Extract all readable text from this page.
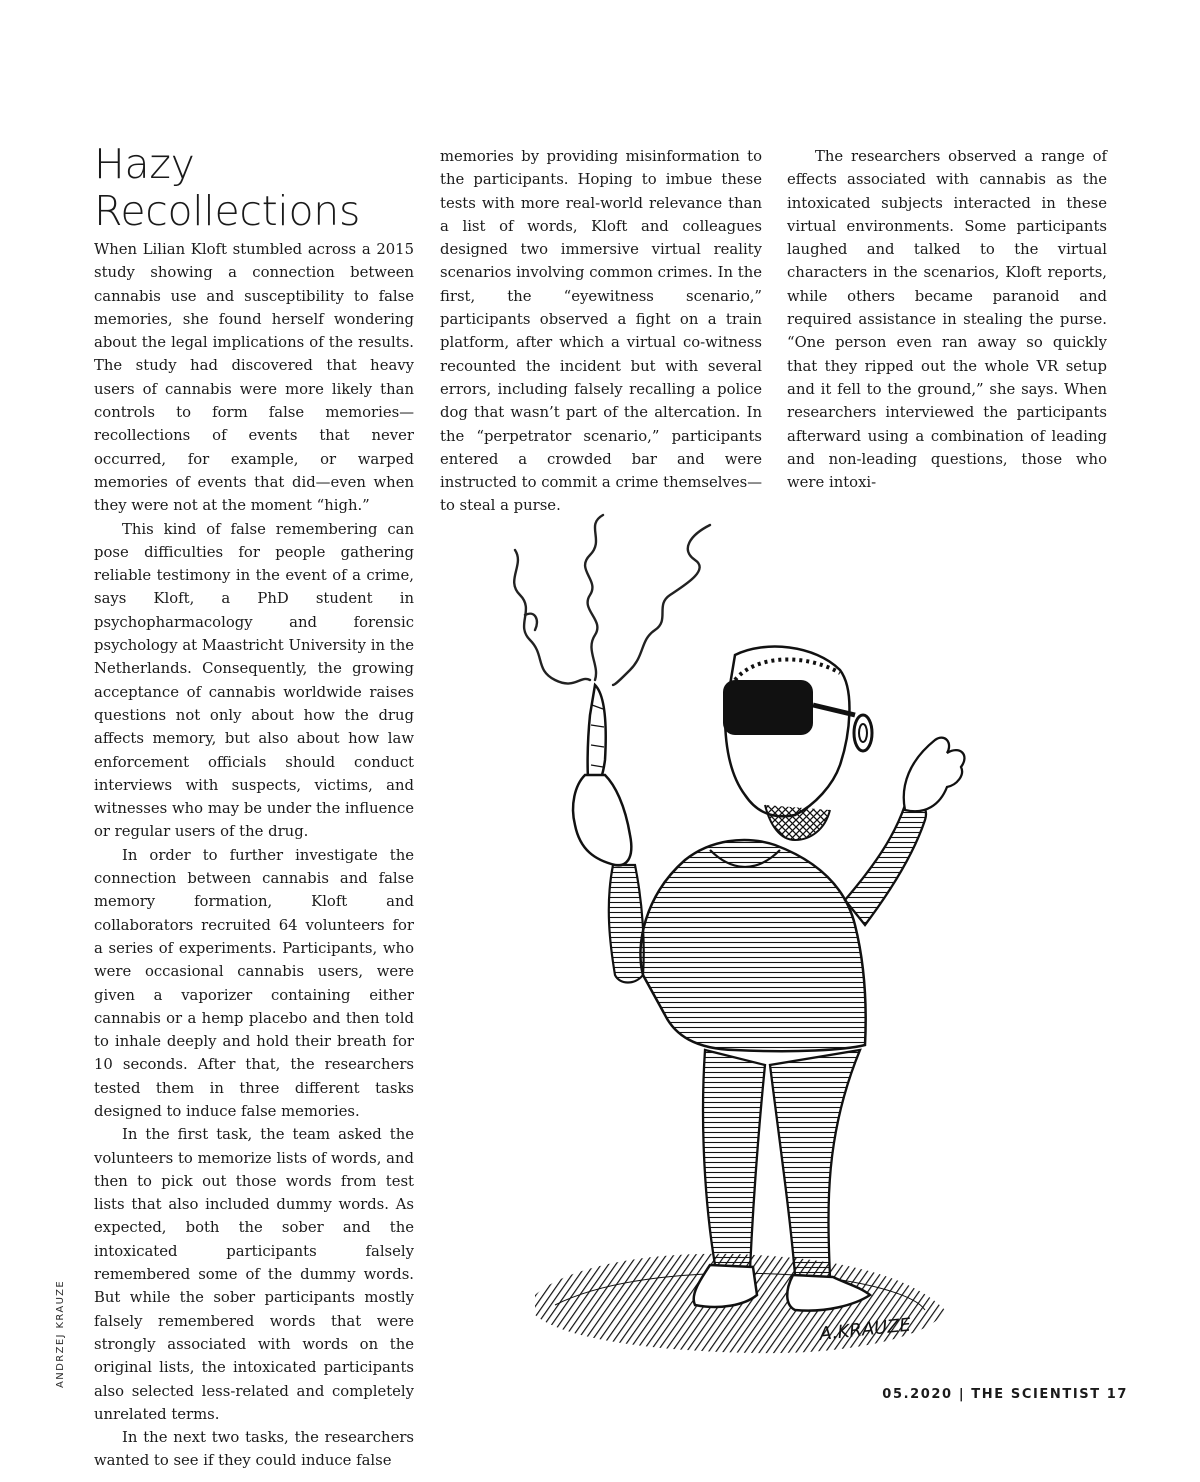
Hazy
Recollections

When Lilian Kloft stumbled across a 2015 study showing a connection between cannabis use and susceptibility to false memories, she found herself wondering about the legal implications of the results. The study had discovered that heavy users of cannabis were more likely than controls to form false memories—recollections of events that never occurred, for example, or warped memories of events that did—even when they were not at the moment “high.”

This kind of false remembering can pose difficulties for people gathering reliable testimony in the event of a crime, says Kloft, a PhD student in psychopharmacology and forensic psychology at Maastricht University in the Netherlands. Consequently, the growing acceptance of cannabis worldwide raises questions not only about how the drug affects memory, but also about how law enforcement officials should conduct interviews with suspects, victims, and witnesses who may be under the influence or regular users of the drug.

In order to further investigate the connection between cannabis and false memory formation, Kloft and collaborators recruited 64 volunteers for a series of experiments. Participants, who were occasional cannabis users, were given a vaporizer containing either cannabis or a hemp placebo and then told to inhale deeply and hold their breath for 10 seconds. After that, the researchers tested them in three different tasks designed to induce false memories.

In the first task, the team asked the volunteers to memorize lists of words, and then to pick out those words from test lists that also included dummy words. As expected, both the sober and the intoxicated participants falsely remembered some of the dummy words. But while the sober participants mostly falsely remembered words that were strongly associated with words on the original lists, the intoxicated participants also selected less-related and completely unrelated terms.

In the next two tasks, the researchers wanted to see if they could induce false

memories by providing misinformation to the participants. Hoping to imbue these tests with more real-world relevance than a list of words, Kloft and colleagues designed two immersive virtual reality scenarios involving common crimes. In the first, the “eyewitness scenario,” participants observed a fight on a train platform, after which a virtual co-witness recounted the incident but with several errors, including falsely recalling a police dog that wasn’t part of the altercation. In the “perpetrator scenario,” participants entered a crowded bar and were instructed to commit a crime themselves—to steal a purse.

The researchers observed a range of effects associated with cannabis as the intoxicated subjects interacted in these virtual environments. Some participants laughed and talked to the virtual characters in the scenarios, Kloft reports, while others became paranoid and required assistance in stealing the purse. “One person even ran away so quickly that they ripped out the whole VR setup and it fell to the ground,” she says. When researchers interviewed the participants afterward using a combination of leading and non-leading questions, those who were intoxi-

ANDRZEJ KRAUZE	A.KRAUZE
05.2020 | THE SCIENTIST 17
